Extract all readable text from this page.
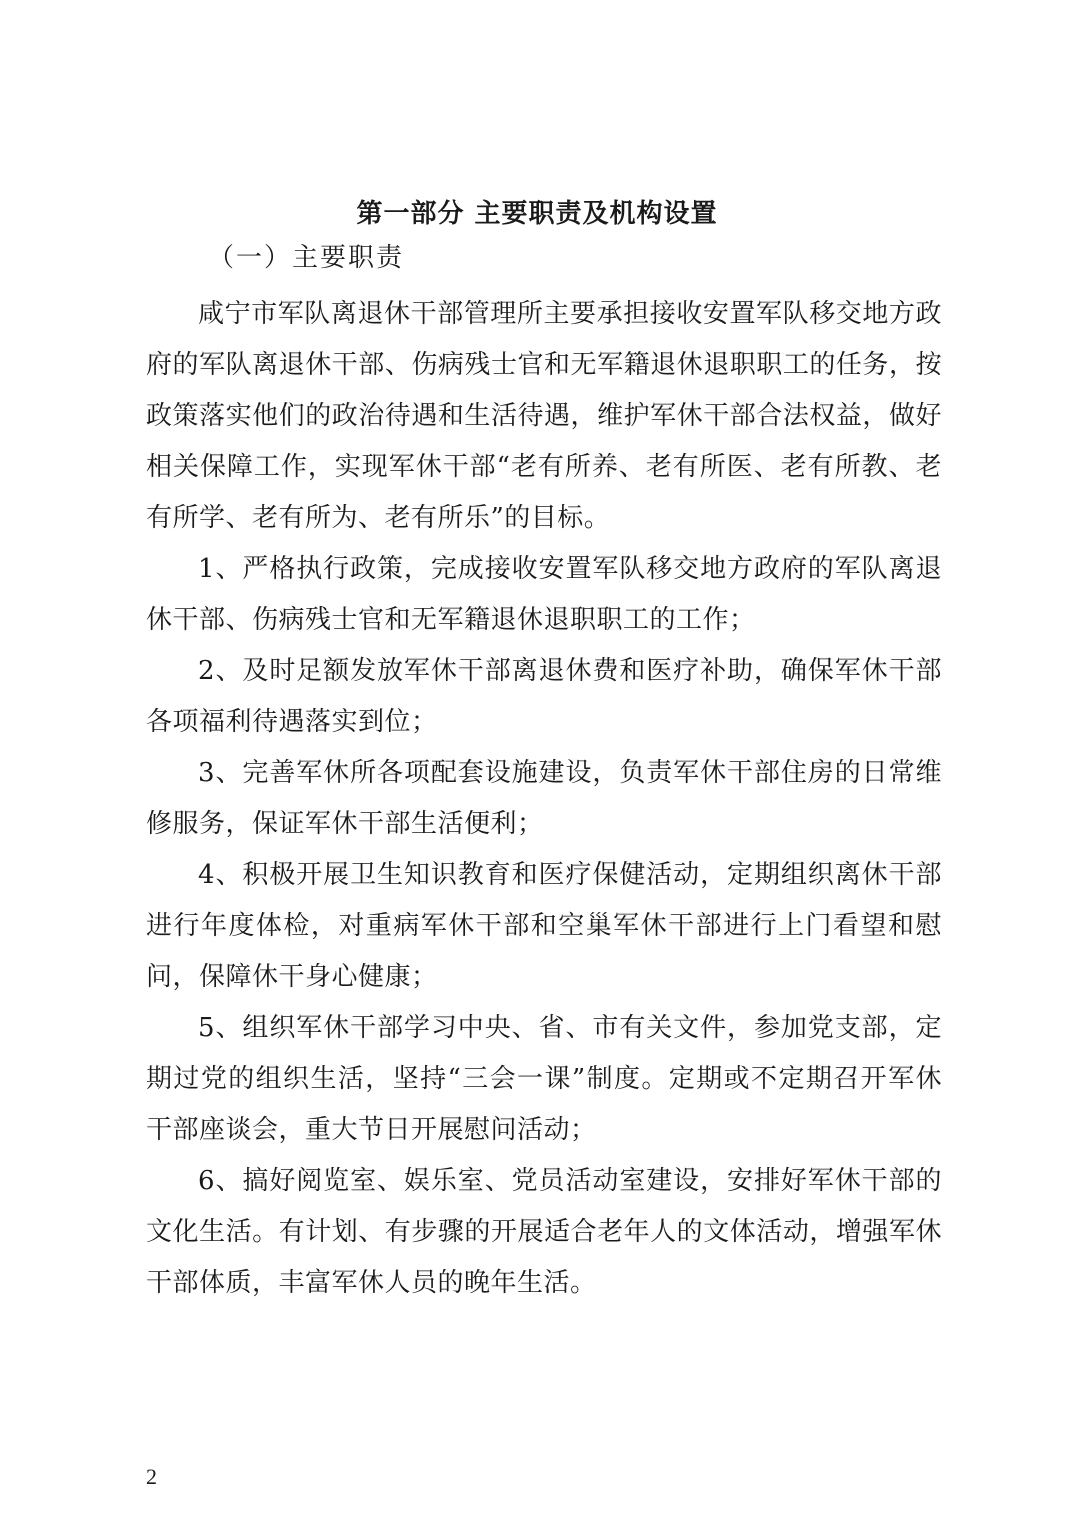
第一部分 主要职责及机构设置
（一）主要职责

咸宁市军队离退休干部管理所主要承担接收安置军队移交地方政府的军队离退休干部、伤病残士官和无军籍退休退职职工的任务，按政策落实他们的政治待遇和生活待遇，维护军休干部合法权益，做好相关保障工作，实现军休干部“老有所养、老有所医、老有所教、老有所学、老有所为、老有所乐”的目标。

1、严格执行政策，完成接收安置军队移交地方政府的军队离退休干部、伤病残士官和无军籍退休退职职工的工作；

2、及时足额发放军休干部离退休费和医疗补助，确保军休干部各项福利待遇落实到位；

3、完善军休所各项配套设施建设，负责军休干部住房的日常维修服务，保证军休干部生活便利；

4、积极开展卫生知识教育和医疗保健活动，定期组织离休干部进行年度体检，对重病军休干部和空巢军休干部进行上门看望和慰问，保障休干身心健康；

5、组织军休干部学习中央、省、市有关文件，参加党支部，定期过党的组织生活，坚持“三会一课”制度。定期或不定期召开军休干部座谈会，重大节日开展慰问活动；

6、搞好阅览室、娱乐室、党员活动室建设，安排好军休干部的文化生活。有计划、有步骤的开展适合老年人的文体活动，增强军休干部体质，丰富军休人员的晚年生活。

2
